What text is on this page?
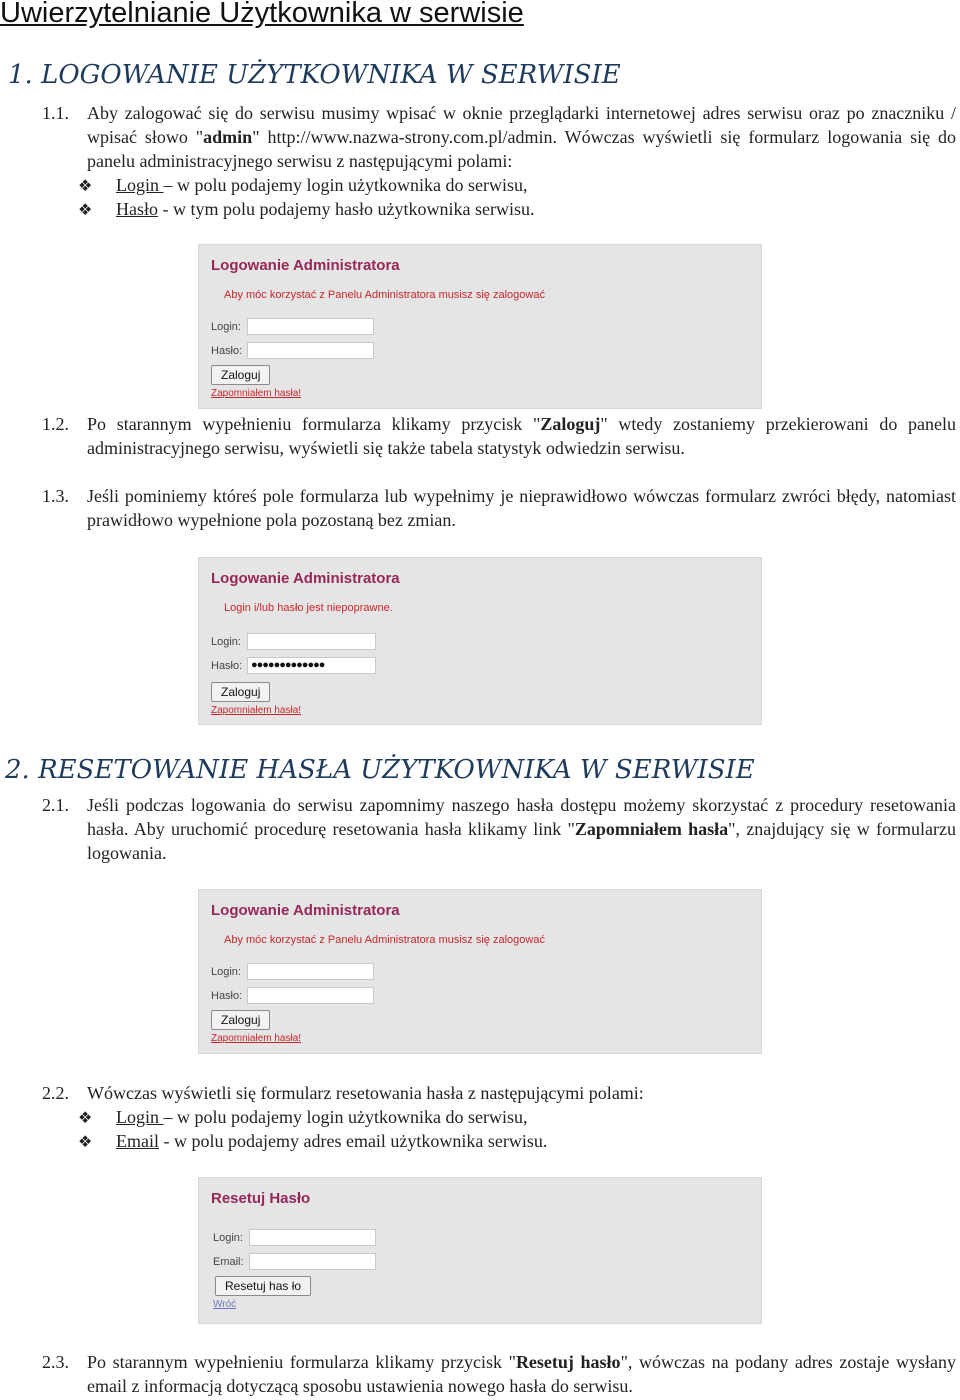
Uwierzytelnianie Użytkownika w serwisie
1. LOGOWANIE UŻYTKOWNIKA W SERWISIE
1.1. Aby zalogować się do serwisu musimy wpisać w oknie przeglądarki internetowej adres serwisu oraz po znaczniku / wpisać słowo "admin" http://www.nazwa-strony.com.pl/admin. Wówczas wyświetli się formularz logowania się do panelu administracyjnego serwisu z następującymi polami:
❖ Login – w polu podajemy login użytkownika do serwisu,
❖ Hasło - w tym polu podajemy hasło użytkownika serwisu.
Logowanie Administratora
Aby móc korzystać z Panelu Administratora musisz się zalogować
Login:
Hasło:
Zaloguj
Zapomniałem hasła!
1.2. Po starannym wypełnieniu formularza klikamy przycisk "Zaloguj" wtedy zostaniemy przekierowani do panelu administracyjnego serwisu, wyświetli się także tabela statystyk odwiedzin serwisu.
1.3. Jeśli pominiemy któreś pole formularza lub wypełnimy je nieprawidłowo wówczas formularz zwróci błędy, natomiast prawidłowo wypełnione pola pozostaną bez zmian.
Logowanie Administratora
Login i/lub hasło jest niepoprawne.
Login:
Hasło: ●●●●●●●●●●●●●
Zaloguj
Zapomniałem hasła!
2. RESETOWANIE HASŁA UŻYTKOWNIKA W SERWISIE
2.1. Jeśli podczas logowania do serwisu zapomnimy naszego hasła dostępu możemy skorzystać z procedury resetowania hasła. Aby uruchomić procedurę resetowania hasła klikamy link "Zapomniałem hasła", znajdujący się w formularzu logowania.
Logowanie Administratora
Aby móc korzystać z Panelu Administratora musisz się zalogować
Login:
Hasło:
Zaloguj
Zapomniałem hasła!
2.2. Wówczas wyświetli się formularz resetowania hasła z następującymi polami:
❖ Login – w polu podajemy login użytkownika do serwisu,
❖ Email - w polu podajemy adres email użytkownika serwisu.
Resetuj Hasło
Login:
Email:
Resetuj has ło
Wróć
2.3. Po starannym wypełnieniu formularza klikamy przycisk "Resetuj hasło", wówczas na podany adres zostaje wysłany email z informacją dotyczącą sposobu ustawienia nowego hasła do serwisu.
